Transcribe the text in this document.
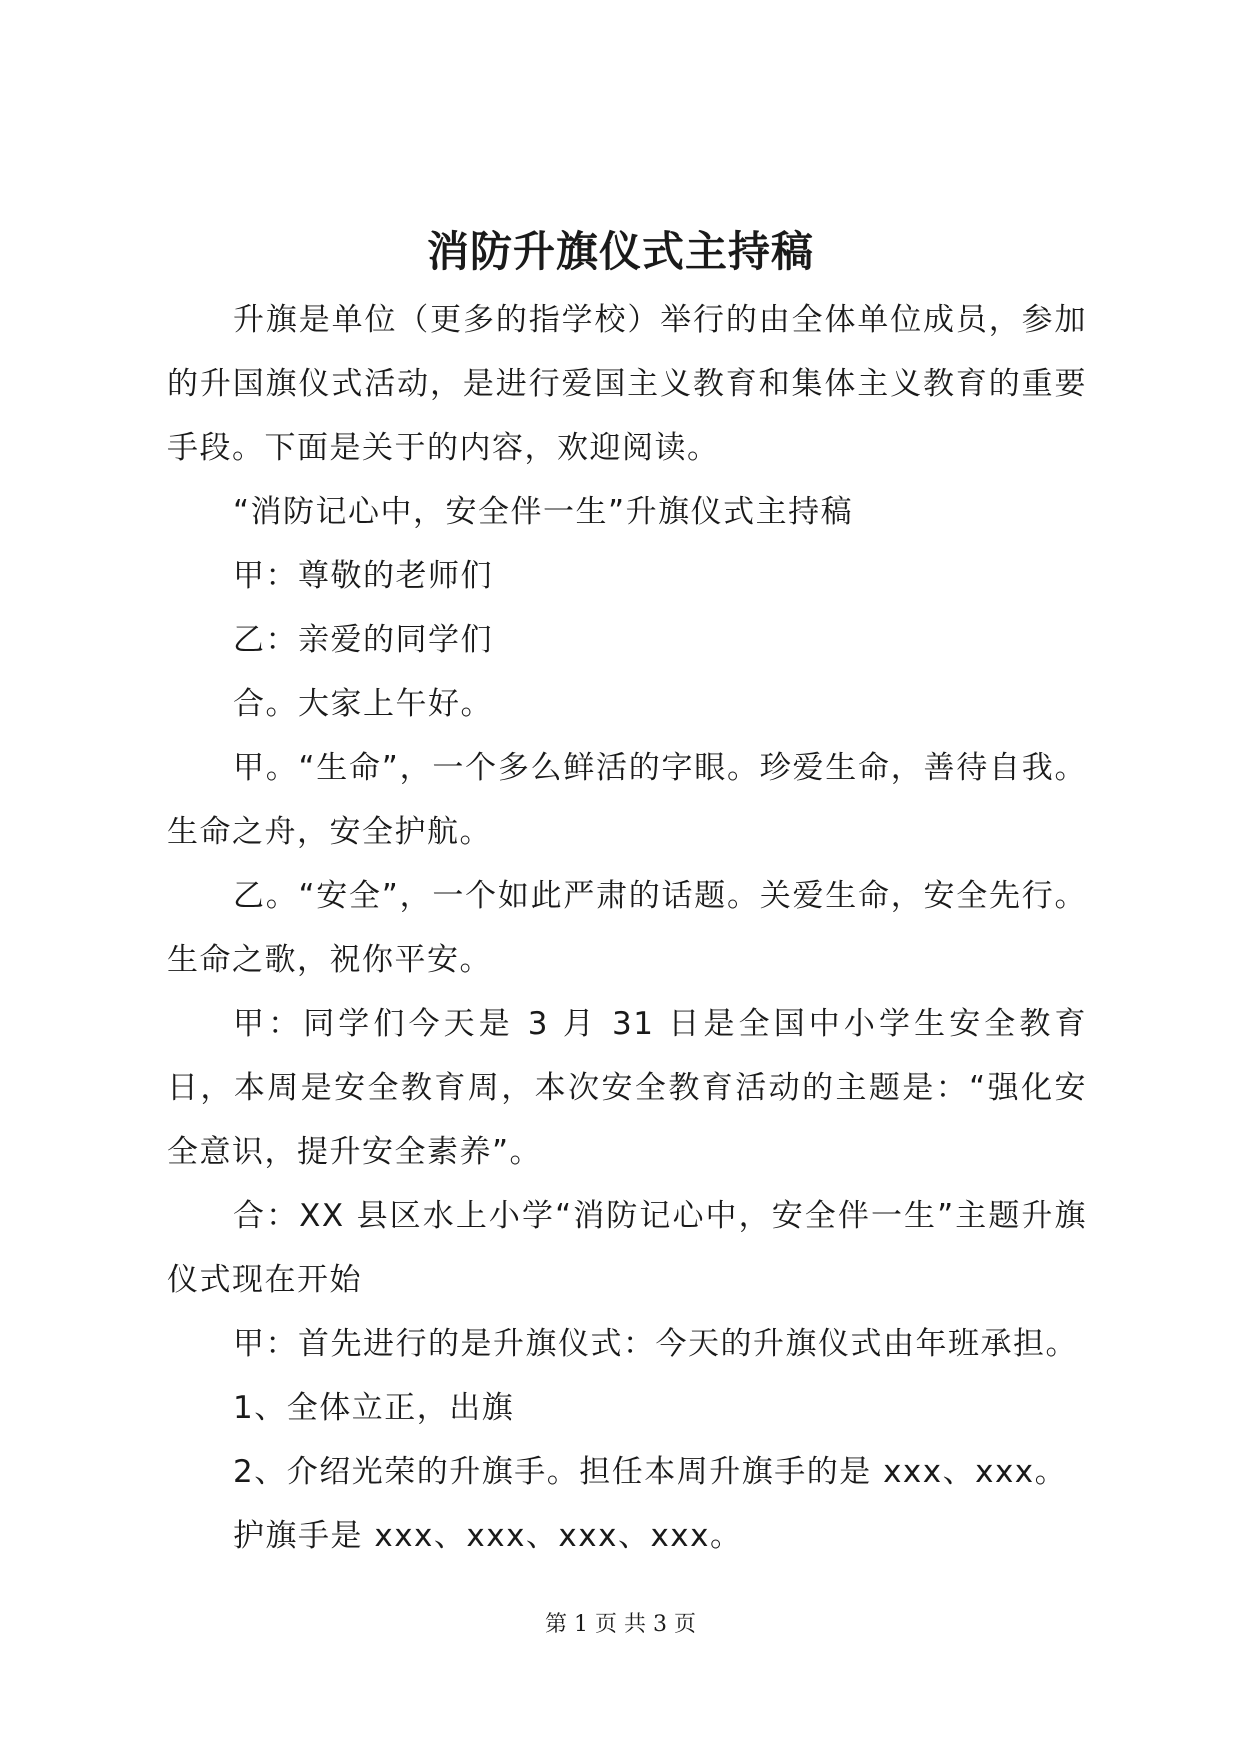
消防升旗仪式主持稿

升旗是单位（更多的指学校）举行的由全体单位成员，参加的升国旗仪式活动，是进行爱国主义教育和集体主义教育的重要手段。下面是关于的内容，欢迎阅读。

“消防记心中，安全伴一生”升旗仪式主持稿

甲：尊敬的老师们

乙：亲爱的同学们

合。大家上午好。

甲。“生命”，一个多么鲜活的字眼。珍爱生命，善待自我。生命之舟，安全护航。

乙。“安全”，一个如此严肃的话题。关爱生命，安全先行。生命之歌，祝你平安。

甲：同学们今天是 3 月 31 日是全国中小学生安全教育日，本周是安全教育周，本次安全教育活动的主题是：“强化安全意识，提升安全素养”。

合：XX 县区水上小学“消防记心中，安全伴一生”主题升旗仪式现在开始

甲：首先进行的是升旗仪式：今天的升旗仪式由年班承担。

1、全体立正，出旗

2、介绍光荣的升旗手。担任本周升旗手的是 xxx、xxx。

护旗手是 xxx、xxx、xxx、xxx。

第 1 页 共 3 页
